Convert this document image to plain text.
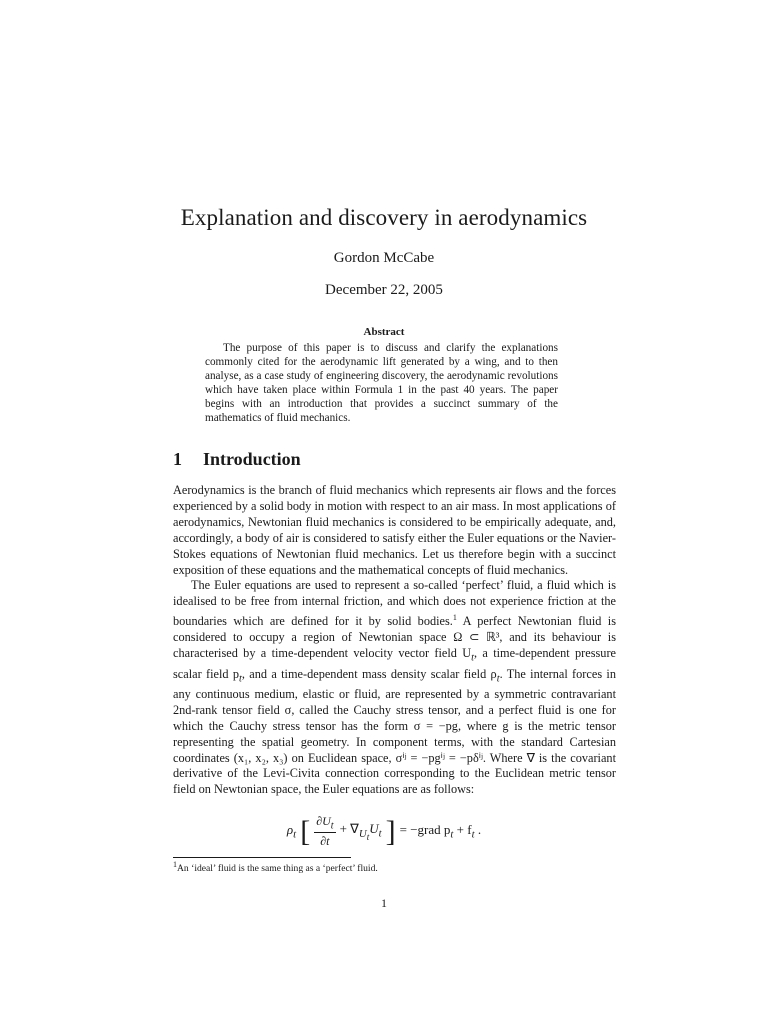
Explanation and discovery in aerodynamics
Gordon McCabe
December 22, 2005
Abstract
The purpose of this paper is to discuss and clarify the explanations commonly cited for the aerodynamic lift generated by a wing, and to then analyse, as a case study of engineering discovery, the aerodynamic revolutions which have taken place within Formula 1 in the past 40 years. The paper begins with an introduction that provides a succinct summary of the mathematics of fluid mechanics.
1 Introduction

Aerodynamics is the branch of fluid mechanics which represents air flows and the forces experienced by a solid body in motion with respect to an air mass. In most applications of aerodynamics, Newtonian fluid mechanics is considered to be empirically adequate, and, accordingly, a body of air is considered to satisfy either the Euler equations or the Navier-Stokes equations of Newtonian fluid mechanics. Let us therefore begin with a succinct exposition of these equations and the mathematical concepts of fluid mechanics.

The Euler equations are used to represent a so-called ‘perfect’ fluid, a fluid which is idealised to be free from internal friction, and which does not experience friction at the boundaries which are defined for it by solid bodies.$^1$ A perfect Newtonian fluid is considered to occupy a region of Newtonian space Ω ⊂ ℝ³, and its behaviour is characterised by a time-dependent velocity vector field $U_t$, a time-dependent pressure scalar field $p_t$, and a time-dependent mass density scalar field $\rho_t$. The internal forces in any continuous medium, elastic or fluid, are represented by a symmetric contravariant 2nd-rank tensor field σ, called the Cauchy stress tensor, and a perfect fluid is one for which the Cauchy stress tensor has the form σ = −pg, where g is the metric tensor representing the spatial geometry. In component terms, with the standard Cartesian coordinates (x₁, x₂, x₃) on Euclidean space, σⁱʲ = −pgⁱʲ = −pδⁱʲ. Where ∇ is the covariant derivative of the Levi-Civita connection corresponding to the Euclidean metric tensor field on Newtonian space, the Euler equations are as follows:

$\rho_t$ [ $\frac{\partial U_t}{\partial t} + \nabla_{U_t}U_t$ ] = −grad $p_t + f_t$ .
$^1$An ‘ideal’ fluid is the same thing as a ‘perfect’ fluid.
1
